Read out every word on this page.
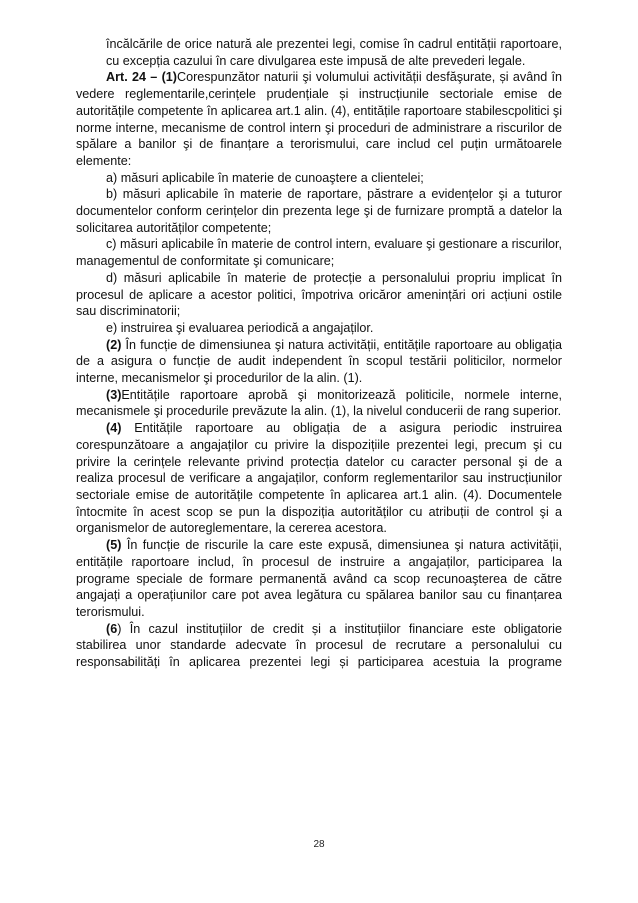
încălcările de orice natură ale prezentei legi, comise în cadrul entității raportoare, cu excepția cazului în care divulgarea este impusă de alte prevederi legale.

Art. 24 – (1)Corespunzător naturii şi volumului activității desfăşurate, și având în vedere reglementarile,cerințele prudențiale și instrucțiunile sectoriale emise de autoritățile competente în aplicarea art.1 alin. (4), entitățile raportoare stabilescpolitici şi norme interne, mecanisme de control intern şi proceduri de administrare a riscurilor de spălare a banilor şi de finanțare a terorismului, care includ cel puțin următoarele elemente:

a) măsuri aplicabile în materie de cunoaştere a clientelei;

b) măsuri aplicabile în materie de raportare, păstrare a evidențelor şi a tuturor documentelor conform cerințelor din prezenta lege şi de furnizare promptă a datelor la solicitarea autorităților competente;

c) măsuri aplicabile în materie de control intern, evaluare şi gestionare a riscurilor, managementul de conformitate şi comunicare;

d) măsuri aplicabile în materie de protecție a personalului propriu implicat în procesul de aplicare a acestor politici, împotriva oricăror amenințări ori acțiuni ostile sau discriminatorii;

e) instruirea şi evaluarea periodică a angajaților.

(2) În funcție de dimensiunea şi natura activității, entitățile raportoare au obligația de a asigura o funcție de audit independent în scopul testării politicilor, normelor interne, mecanismelor şi procedurilor de la alin. (1).

(3)Entitățile raportoare aprobă şi monitorizează politicile, normele interne, mecanismele şi procedurile prevăzute la alin. (1), la nivelul conducerii de rang superior.

(4) Entitățile raportoare au obligația de a asigura periodic instruirea corespunzătoare a angajaților cu privire la dispozițiile prezentei legi, precum şi cu privire la cerințele relevante privind protecția datelor cu caracter personal şi de a realiza procesul de verificare a angajaților, conform reglementarilor sau instrucțiunilor sectoriale emise de autoritățile competente în aplicarea art.1 alin. (4). Documentele întocmite în acest scop se pun la dispoziția autorităților cu atribuții de control şi a organismelor de autoreglementare, la cererea acestora.

(5) În funcție de riscurile la care este expusă, dimensiunea şi natura activității, entitățile raportoare includ, în procesul de instruire a angajaților, participarea la programe speciale de formare permanentă având ca scop recunoaşterea de către angajați a operațiunilor care pot avea legătura cu spălarea banilor sau cu finanțarea terorismului.

(6) În cazul instituțiilor de credit și a instituțiilor financiare este obligatorie stabilirea unor standarde adecvate în procesul de recrutare a personalului cu responsabilități în aplicarea prezentei legi și participarea acestuia la programe

28
